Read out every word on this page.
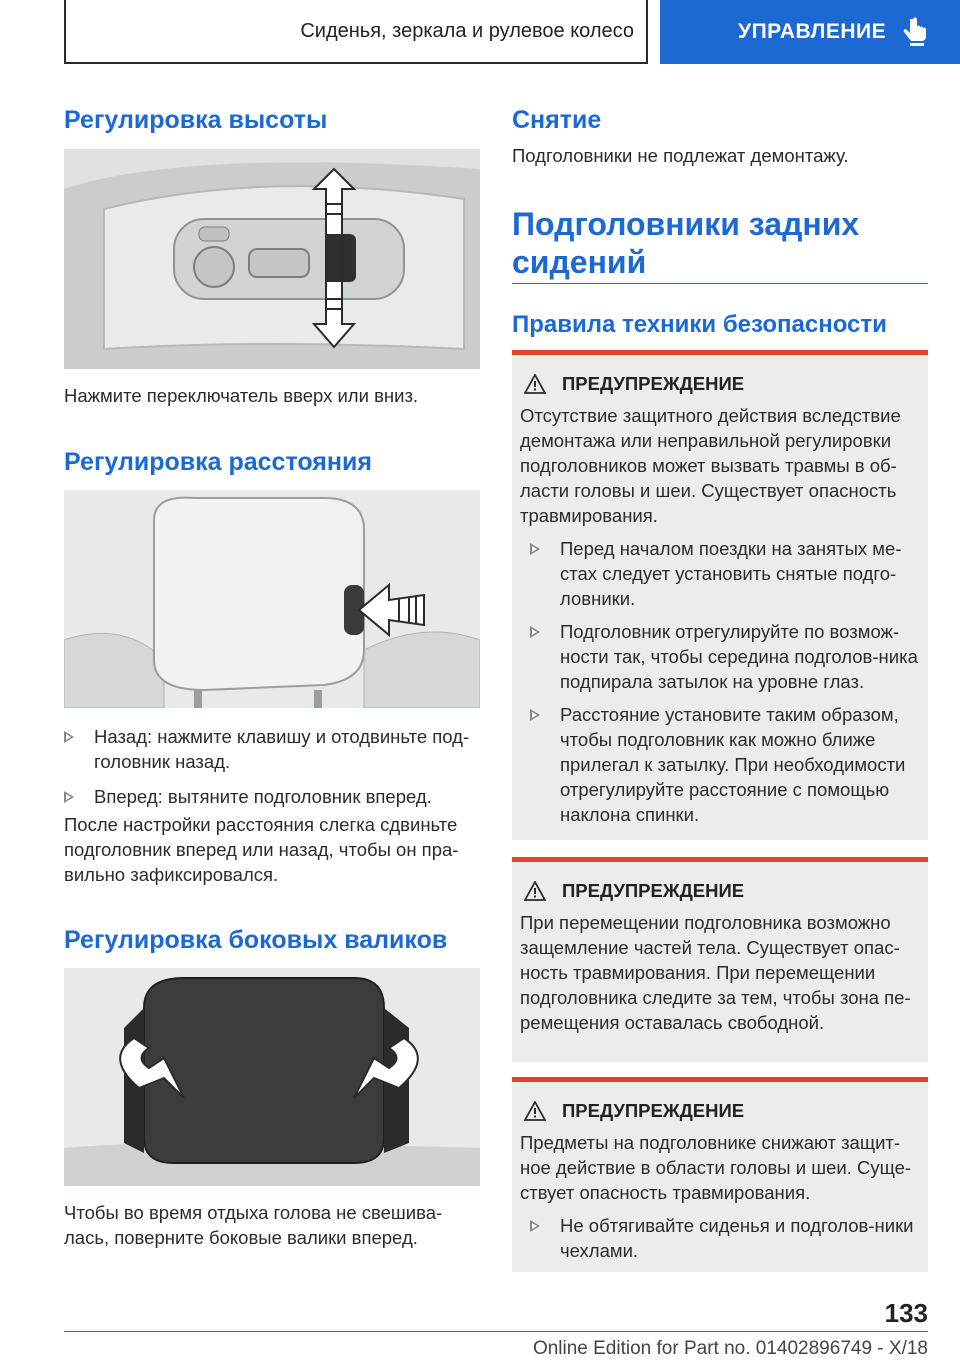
Сиденья, зеркала и рулевое колесо	УПРАВЛЕНИЕ
Регулировка высоты

Нажмите переключатель вверх или вниз.

Регулировка расстояния
Назад: нажмите клавишу и отодвиньте под-головник назад.
Вперед: вытяните подголовник вперед.

После настройки расстояния слегка сдвиньте подголовник вперед или назад, чтобы он пра-вильно зафиксировался.

Регулировка боковых валиков

Чтобы во время отдыха голова не свешива-лась, поверните боковые валики вперед.

Снятие

Подголовники не подлежат демонтажу.

Подголовники задних
сидений
Правила техники безопасности
ПРЕДУПРЕЖДЕНИЕ

Отсутствие защитного действия вследствие демонтажа или неправильной регулировки подголовников может вызвать травмы в об-ласти головы и шеи. Существует опасность травмирования.

Перед началом поездки на занятых ме-стах следует установить снятые подго-ловники.
Подголовник отрегулируйте по возмож-ности так, чтобы середина подголов-ника подпирала затылок на уровне глаз.
Расстояние установите таким образом, чтобы подголовник как можно ближе прилегал к затылку. При необходимости отрегулируйте расстояние с помощью наклона спинки.
ПРЕДУПРЕЖДЕНИЕ

При перемещении подголовника возможно защемление частей тела. Существует опас-ность травмирования. При перемещении подголовника следите за тем, чтобы зона пе-ремещения оставалась свободной.

ПРЕДУПРЕЖДЕНИЕ

Предметы на подголовнике снижают защит-ное действие в области головы и шеи. Суще-ствует опасность травмирования.

Не обтягивайте сиденья и подголов-ники чехлами.
133
Online Edition for Part no. 01402896749 - X/18
